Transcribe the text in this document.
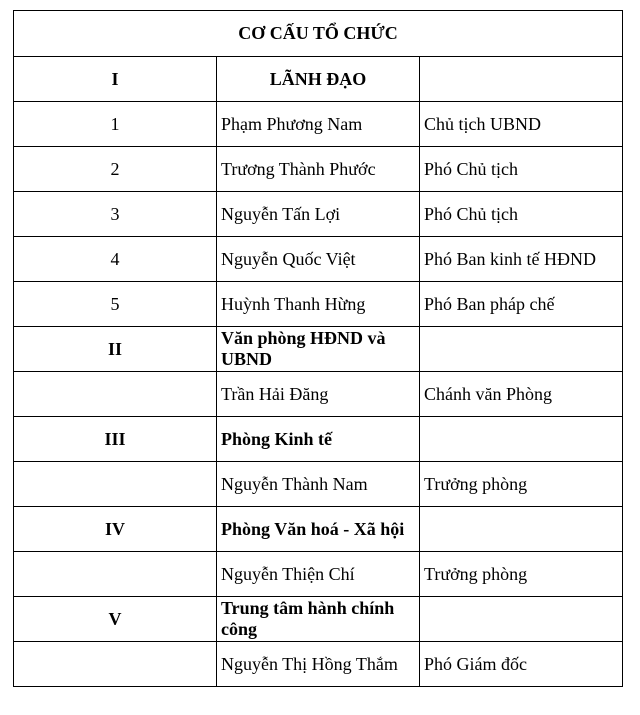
CƠ CẤU TỔ CHỨC		
I	LÃNH ĐẠO	
1	Phạm Phương Nam	Chủ tịch UBND
2	Trương Thành Phước	Phó Chủ tịch
3	Nguyễn Tấn Lợi	Phó Chủ tịch
4	Nguyễn Quốc Việt	Phó Ban kinh tế HĐND
5	Huỳnh Thanh Hừng	Phó Ban pháp chế
II	Văn phòng HĐND và UBND	
	Trần Hải Đăng	Chánh văn Phòng
III	Phòng Kinh tế	
	Nguyễn Thành Nam	Trưởng phòng
IV	Phòng Văn hoá - Xã hội	
	Nguyễn Thiện Chí	Trưởng phòng
V	Trung tâm hành chính công	
	Nguyễn Thị Hồng Thắm	Phó Giám đốc
